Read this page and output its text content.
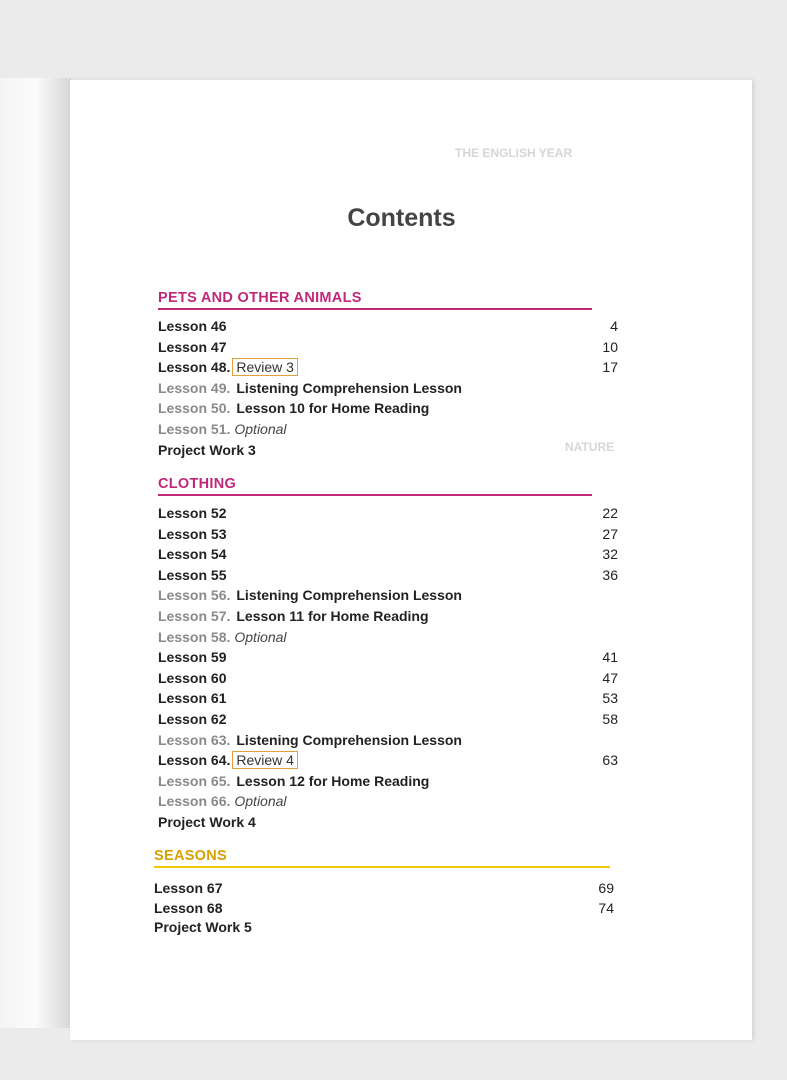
THE ENGLISH YEAR
NATURE
Contents
PETS AND OTHER ANIMALS
Lesson 46	4
Lesson 47	10
Lesson 48. Review 3	17
Lesson 49. Listening Comprehension Lesson
Lesson 50. Lesson 10 for Home Reading
Lesson 51. Optional
Project Work 3
CLOTHING
Lesson 52	22
Lesson 53	27
Lesson 54	32
Lesson 55	36
Lesson 56. Listening Comprehension Lesson
Lesson 57. Lesson 11 for Home Reading
Lesson 58. Optional
Lesson 59	41
Lesson 60	47
Lesson 61	53
Lesson 62	58
Lesson 63. Listening Comprehension Lesson
Lesson 64. Review 4	63
Lesson 65. Lesson 12 for Home Reading
Lesson 66. Optional
Project Work 4
SEASONS
Lesson 67	69
Lesson 68	74
Project Work 5
